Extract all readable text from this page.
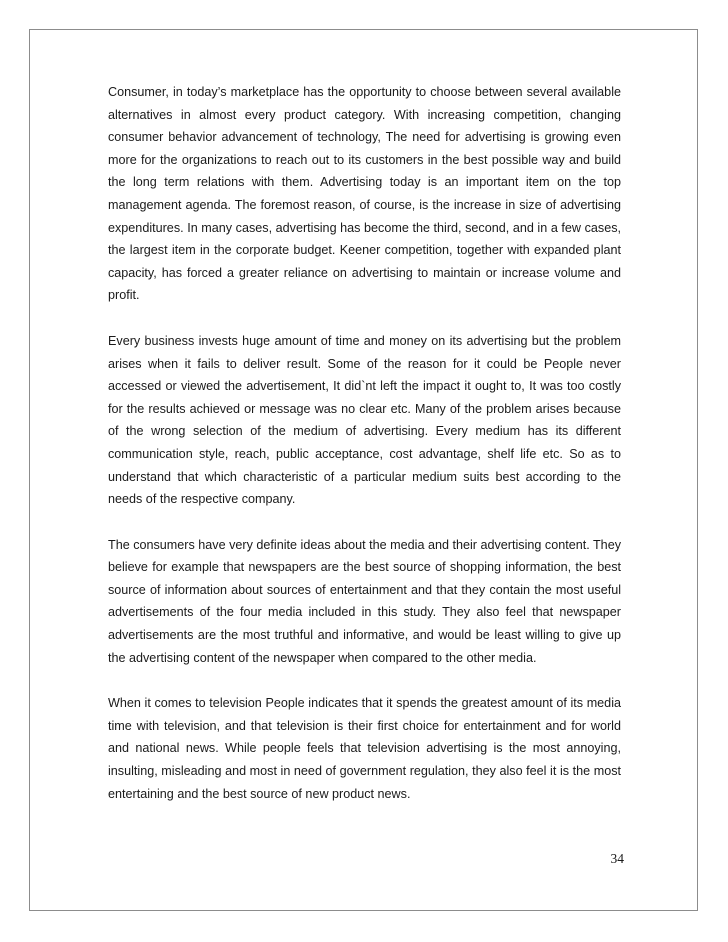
Consumer, in today’s marketplace has the opportunity to choose between several available alternatives in almost every product category. With increasing competition, changing consumer behavior advancement of technology, The need for advertising is growing even more for the organizations to reach out to its customers in the best possible way and build the long term relations with them. Advertising today is an important item on the top management agenda. The foremost reason, of course, is the increase in size of advertising expenditures. In many cases, advertising has become the third, second, and in a few cases, the largest item in the corporate budget. Keener competition, together with expanded plant capacity, has forced a greater reliance on advertising to maintain or increase volume and profit.

Every business invests huge amount of time and money on its advertising but the problem arises when it fails to deliver result. Some of the reason for it could be People never accessed or viewed the advertisement, It did`nt left the impact it ought to, It was too costly for the results achieved or message was no clear etc. Many of the problem arises because of the wrong selection of the medium of advertising. Every medium has its different communication style, reach, public acceptance, cost advantage, shelf life etc. So as to understand that which characteristic of a particular medium suits best according to the needs of the respective company.

The consumers have very definite ideas about the media and their advertising content. They believe for example that newspapers are the best source of shopping information, the best source of information about sources of entertainment and that they contain the most useful advertisements of the four media included in this study. They also feel that newspaper advertisements are the most truthful and informative, and would be least willing to give up the advertising content of the newspaper when compared to the other media.

When it comes to television People indicates that it spends the greatest amount of its media time with television, and that television is their first choice for entertainment and for world and national news. While people feels that television advertising is the most annoying, insulting, misleading and most in need of government regulation, they also feel it is the most entertaining and the best source of new product news.

34
